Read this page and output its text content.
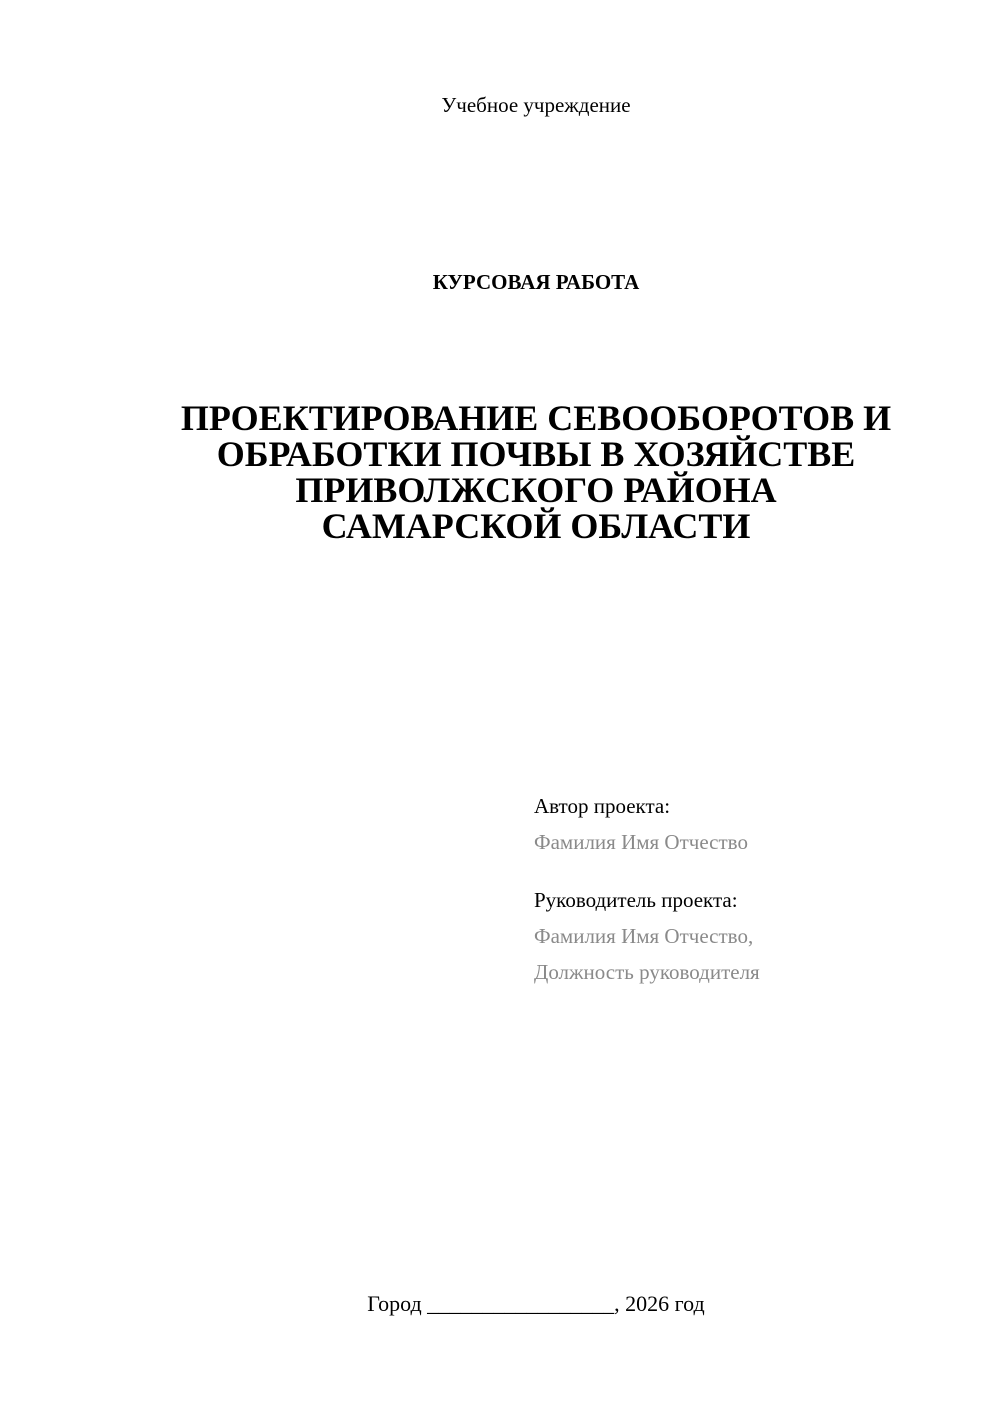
Учебное учреждение
КУРСОВАЯ РАБОТА
ПРОЕКТИРОВАНИЕ СЕВООБОРОТОВ И
ОБРАБОТКИ ПОЧВЫ В ХОЗЯЙСТВЕ
ПРИВОЛЖСКОГО РАЙОНА
САМАРСКОЙ ОБЛАСТИ
Автор проекта:
Фамилия Имя Отчество
Руководитель проекта:
Фамилия Имя Отчество,
Должность руководителя
Город _________________, 2026 год
